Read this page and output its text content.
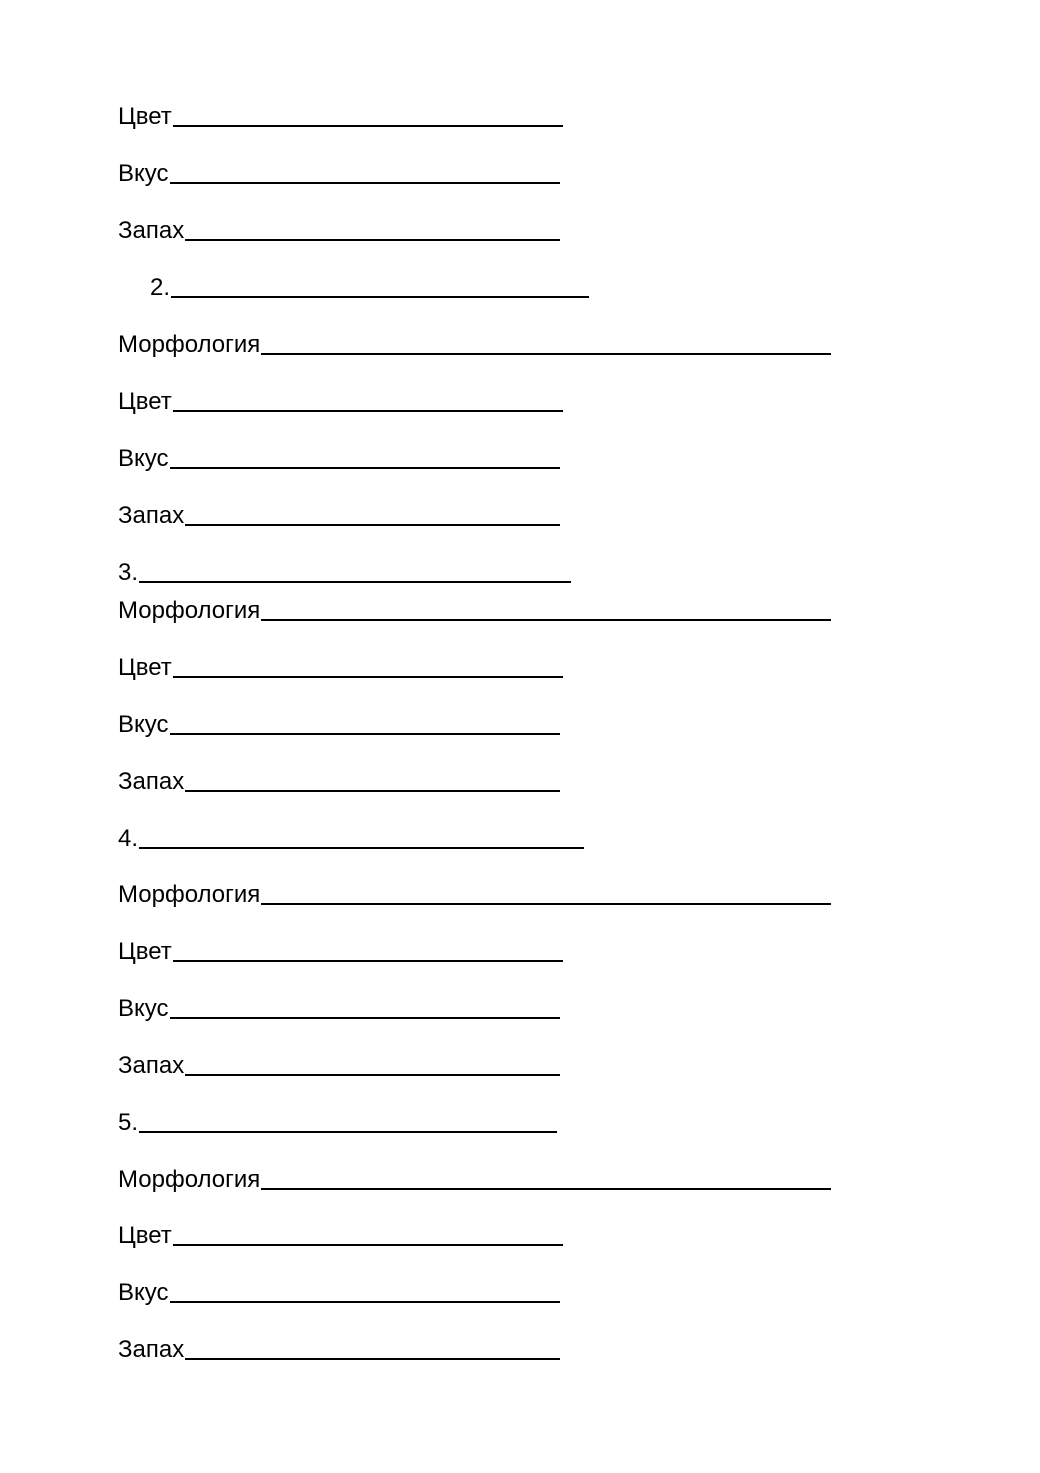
Цвет
Вкус
Запах
2.
Морфология
Цвет
Вкус
Запах
3.
Морфология
Цвет
Вкус
Запах
4.
Морфология
Цвет
Вкус
Запах
5.
Морфология
Цвет
Вкус
Запах
